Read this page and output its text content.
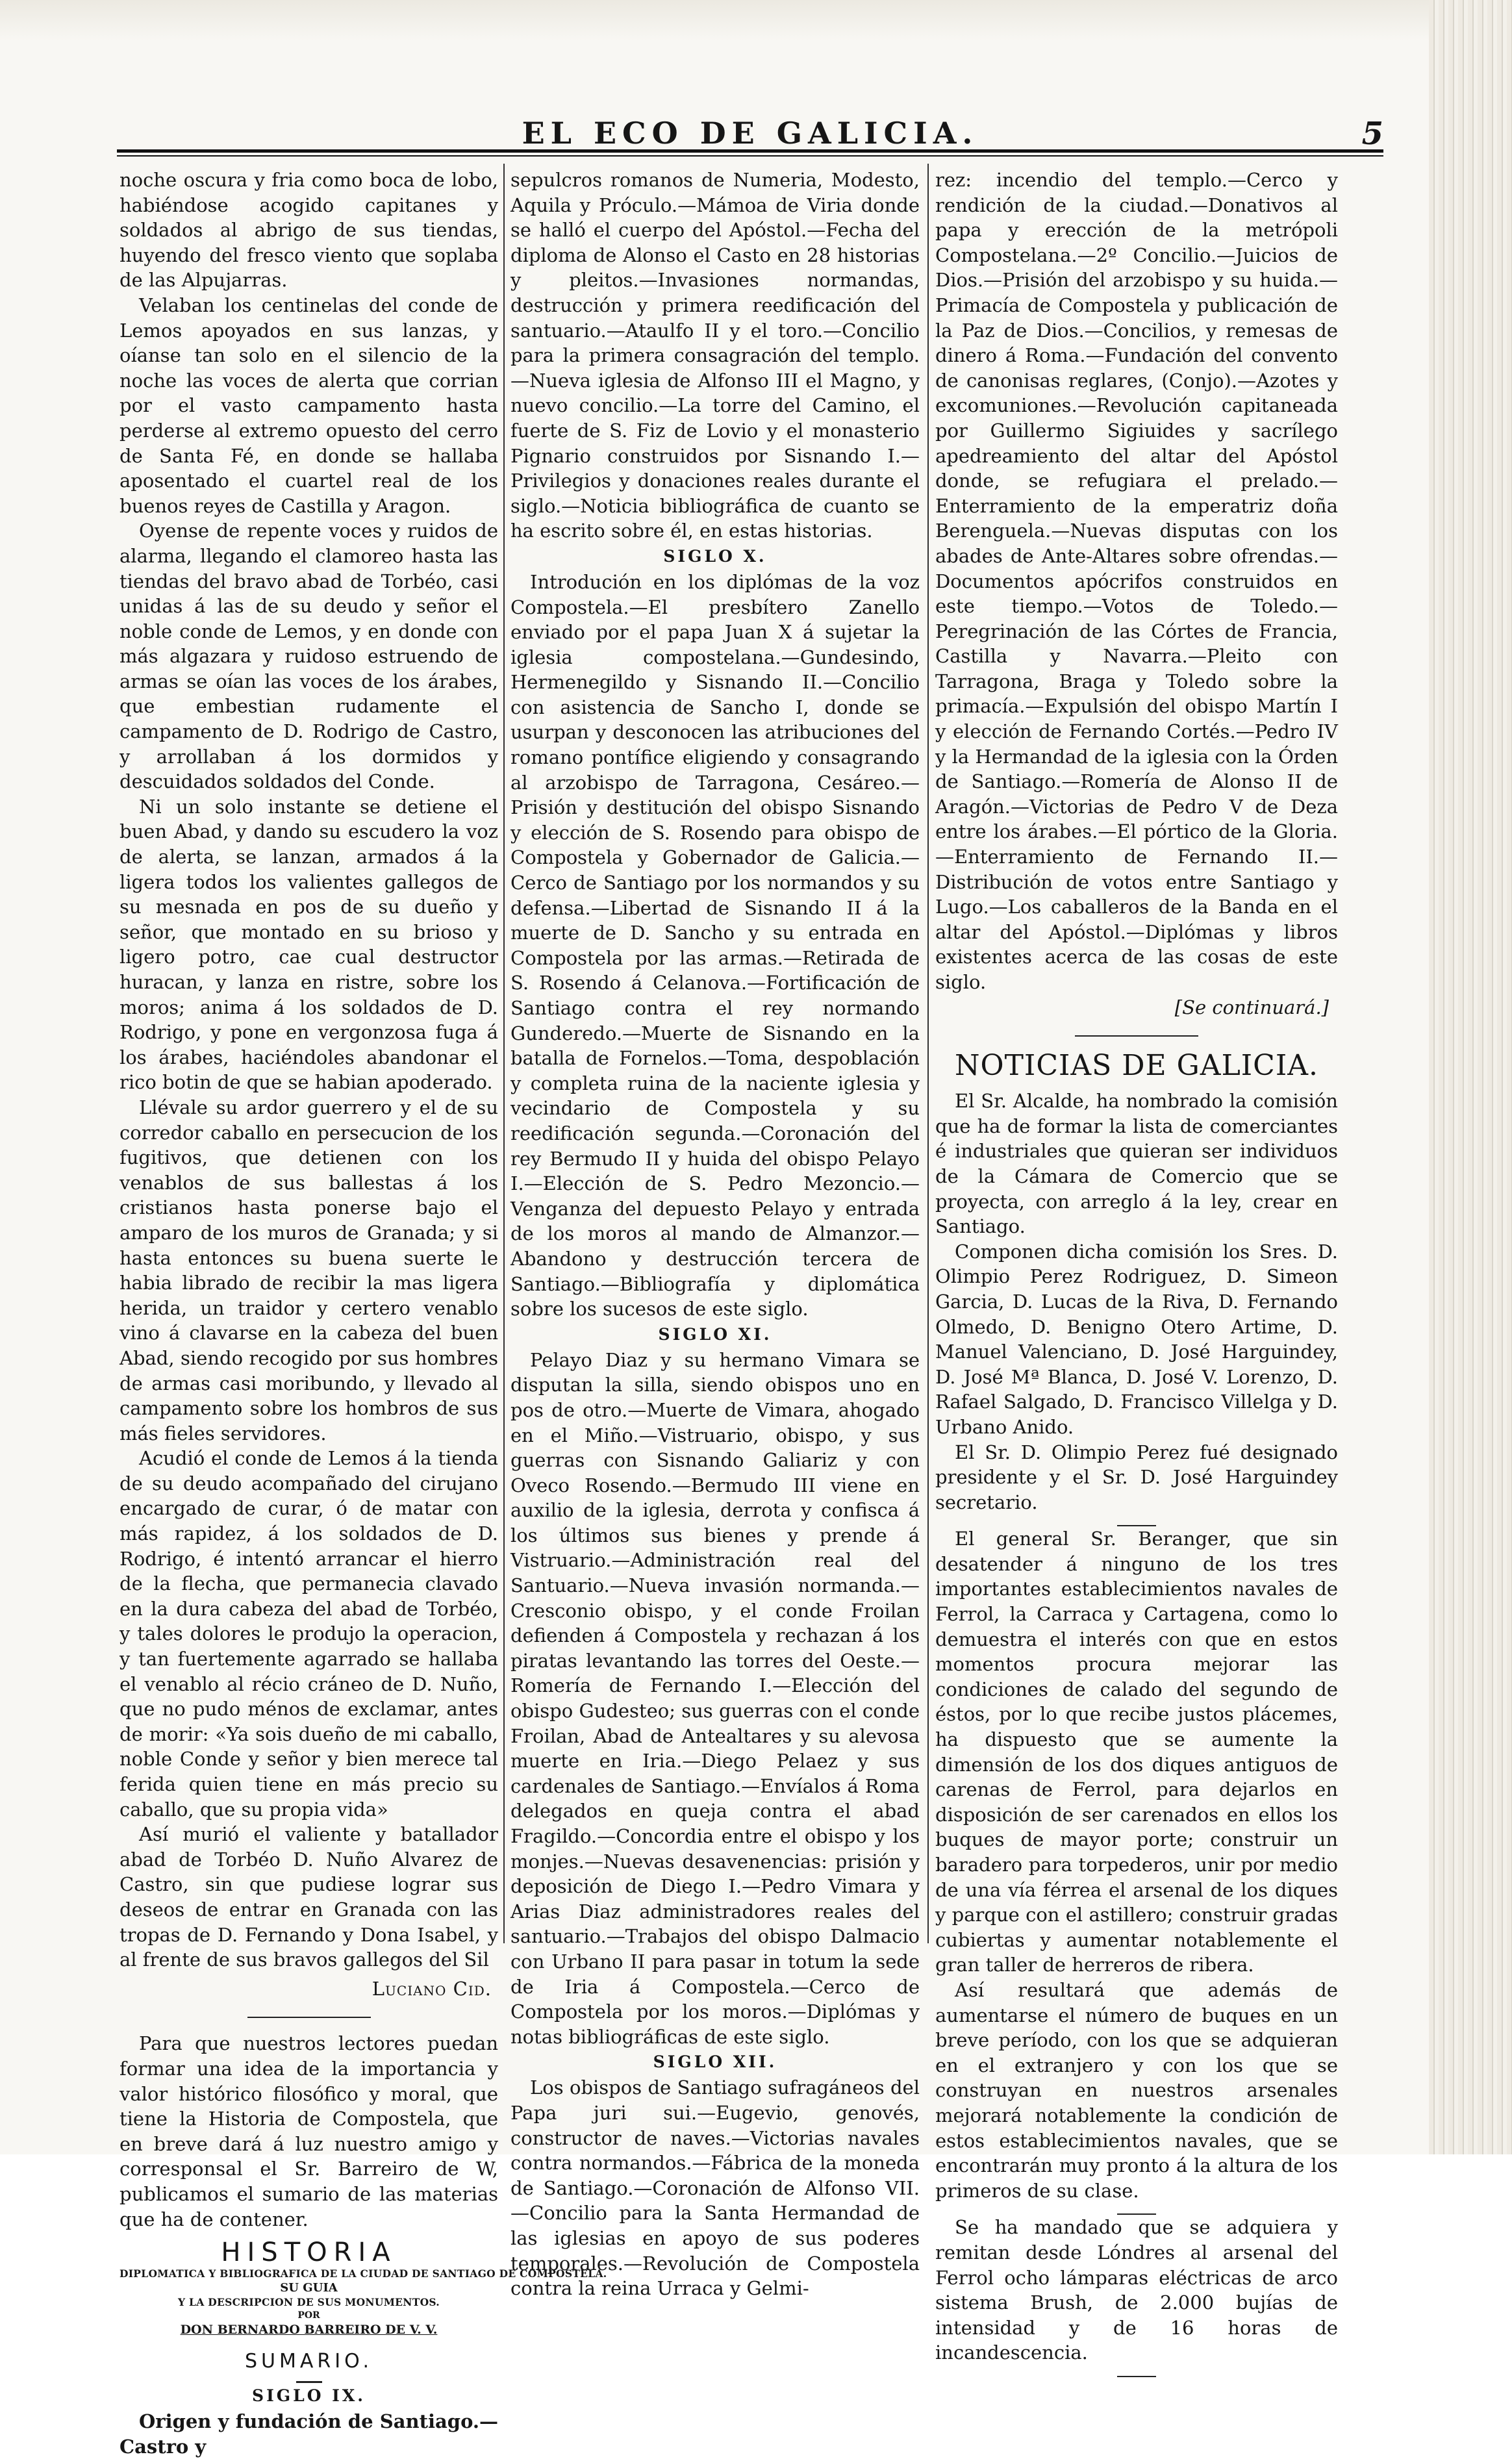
EL ECO DE GALICIA.	5

noche oscura y fria como boca de lobo, habiéndose acogido capitanes y soldados al abrigo de sus tiendas, huyendo del fresco viento que soplaba de las Alpujarras.

Velaban los centinelas del conde de Lemos apoyados en sus lanzas, y oíanse tan solo en el silencio de la noche las voces de alerta que corrian por el vasto campamento hasta perderse al extremo opuesto del cerro de Santa Fé, en donde se hallaba aposentado el cuartel real de los buenos reyes de Castilla y Aragon.

Oyense de repente voces y ruidos de alarma, llegando el clamoreo hasta las tiendas del bravo abad de Torbéo, casi unidas á las de su deudo y señor el noble conde de Lemos, y en donde con más algazara y ruidoso estruendo de armas se oían las voces de los árabes, que embestian rudamente el campamento de D. Rodrigo de Castro, y arrollaban á los dormidos y descuidados soldados del Conde.

Ni un solo instante se detiene el buen Abad, y dando su escudero la voz de alerta, se lanzan, armados á la ligera todos los valientes gallegos de su mesnada en pos de su dueño y señor, que montado en su brioso y ligero potro, cae cual destructor huracan, y lanza en ristre, sobre los moros; anima á los soldados de D. Rodrigo, y pone en vergonzosa fuga á los árabes, haciéndoles abandonar el rico botin de que se habian apoderado.

Llévale su ardor guerrero y el de su corredor caballo en persecucion de los fugitivos, que detienen con los venablos de sus ballestas á los cristianos hasta ponerse bajo el amparo de los muros de Granada; y si hasta entonces su buena suerte le habia librado de recibir la mas ligera herida, un traidor y certero venablo vino á clavarse en la cabeza del buen Abad, siendo recogido por sus hombres de armas casi moribundo, y llevado al campamento sobre los hombros de sus más fieles servidores.

Acudió el conde de Lemos á la tienda de su deudo acompañado del cirujano encargado de curar, ó de matar con más rapidez, á los soldados de D. Rodrigo, é intentó arrancar el hierro de la flecha, que permanecia clavado en la dura cabeza del abad de Torbéo, y tales dolores le produjo la operacion, y tan fuertemente agarrado se hallaba el venablo al récio cráneo de D. Nuño, que no pudo ménos de exclamar, antes de morir: «Ya sois dueño de mi caballo, noble Conde y señor y bien merece tal ferida quien tiene en más precio su caballo, que su propia vida»

Así murió el valiente y batallador abad de Torbéo D. Nuño Alvarez de Castro, sin que pudiese lograr sus deseos de entrar en Granada con las tropas de D. Fernando y Dona Isabel, y al frente de sus bravos gallegos del Sil

Luciano Cid.

Para que nuestros lectores puedan formar una idea de la importancia y valor histórico filosófico y moral, que tiene la Historia de Compostela, que en breve dará á luz nuestro amigo y corresponsal el Sr. Barreiro de W, publicamos el sumario de las materias que ha de contener.

HISTORIA
DIPLOMATICA Y BIBLIOGRAFICA DE LA CIUDAD DE SANTIAGO DE COMPOSTELA.
SU GUIA
Y LA DESCRIPCION DE SUS MONUMENTOS.
POR
DON BERNARDO BARREIRO DE V. V.
SUMARIO.
SIGLO IX.

Origen y fundación de Santiago.—Castro y

sepulcros romanos de Numeria, Modesto, Aquila y Próculo.—Mámoa de Viria donde se halló el cuerpo del Apóstol.—Fecha del diploma de Alonso el Casto en 28 historias y pleitos.—Invasiones normandas, destrucción y primera reedificación del santuario.—Ataulfo II y el toro.—Concilio para la primera consagración del templo.—Nueva iglesia de Alfonso III el Magno, y nuevo concilio.—La torre del Camino, el fuerte de S. Fiz de Lovio y el monasterio Pignario construidos por Sisnando I.—Privilegios y donaciones reales durante el siglo.—Noticia bibliográfica de cuanto se ha escrito sobre él, en estas historias.

SIGLO X.

Introdución en los diplómas de la voz Compostela.—El presbítero Zanello enviado por el papa Juan X á sujetar la iglesia compostelana.—Gundesindo, Hermenegildo y Sisnando II.—Concilio con asistencia de Sancho I, donde se usurpan y desconocen las atribuciones del romano pontífice eligiendo y consagrando al arzobispo de Tarragona, Cesáreo.—Prisión y destitución del obispo Sisnando y elección de S. Rosendo para obispo de Compostela y Gobernador de Galicia.—Cerco de Santiago por los normandos y su defensa.—Libertad de Sisnando II á la muerte de D. Sancho y su entrada en Compostela por las armas.—Retirada de S. Rosendo á Celanova.—Fortificación de Santiago contra el rey normando Gunderedo.—Muerte de Sisnando en la batalla de Fornelos.—Toma, despoblación y completa ruina de la naciente iglesia y vecindario de Compostela y su reedificación segunda.—Coronación del rey Bermudo II y huida del obispo Pelayo I.—Elección de S. Pedro Mezoncio.—Venganza del depuesto Pelayo y entrada de los moros al mando de Almanzor.—Abandono y destrucción tercera de Santiago.—Bibliografía y diplomática sobre los sucesos de este siglo.

SIGLO XI.

Pelayo Diaz y su hermano Vimara se disputan la silla, siendo obispos uno en pos de otro.—Muerte de Vimara, ahogado en el Miño.—Vistruario, obispo, y sus guerras con Sisnando Galiariz y con Oveco Rosendo.—Bermudo III viene en auxilio de la iglesia, derrota y confisca á los últimos sus bienes y prende á Vistruario.—Administración real del Santuario.—Nueva invasión normanda.—Cresconio obispo, y el conde Froilan defienden á Compostela y rechazan á los piratas levantando las torres del Oeste.—Romería de Fernando I.—Elección del obispo Gudesteo; sus guerras con el conde Froilan, Abad de Antealtares y su alevosa muerte en Iria.—Diego Pelaez y sus cardenales de Santiago.—Envíalos á Roma delegados en queja contra el abad Fragildo.—Concordia entre el obispo y los monjes.—Nuevas desavenencias: prisión y deposición de Diego I.—Pedro Vimara y Arias Diaz administradores reales del santuario.—Trabajos del obispo Dalmacio con Urbano II para pasar in totum la sede de Iria á Compostela.—Cerco de Compostela por los moros.—Diplómas y notas bibliográficas de este siglo.

SIGLO XII.

Los obispos de Santiago sufragáneos del Papa juri sui.—Eugevio, genovés, constructor de naves.—Victorias navales contra normandos.—Fábrica de la moneda de Santiago.—Coronación de Alfonso VII.—Concilio para la Santa Hermandad de las iglesias en apoyo de sus poderes temporales.—Revolución de Compostela contra la reina Urraca y Gelmi-

rez: incendio del templo.—Cerco y rendición de la ciudad.—Donativos al papa y erección de la metrópoli Compostelana.—2º Concilio.—Juicios de Dios.—Prisión del arzobispo y su huida.—Primacía de Compostela y publicación de la Paz de Dios.—Concilios, y remesas de dinero á Roma.—Fundación del convento de canonisas reglares, (Conjo).—Azotes y excomuniones.—Revolución capitaneada por Guillermo Sigiuides y sacrílego apedreamiento del altar del Apóstol donde, se refugiara el prelado.—Enterramiento de la emperatriz doña Berenguela.—Nuevas disputas con los abades de Ante-Altares sobre ofrendas.—Documentos apócrifos construidos en este tiempo.—Votos de Toledo.—Peregrinación de las Córtes de Francia, Castilla y Navarra.—Pleito con Tarragona, Braga y Toledo sobre la primacía.—Expulsión del obispo Martín I y elección de Fernando Cortés.—Pedro IV y la Hermandad de la iglesia con la Órden de Santiago.—Romería de Alonso II de Aragón.—Victorias de Pedro V de Deza entre los árabes.—El pórtico de la Gloria.—Enterramiento de Fernando II.—Distribución de votos entre Santiago y Lugo.—Los caballeros de la Banda en el altar del Apóstol.—Diplómas y libros existentes acerca de las cosas de este siglo.

[Se continuará.]
NOTICIAS DE GALICIA.

El Sr. Alcalde, ha nombrado la comisión que ha de formar la lista de comerciantes é industriales que quieran ser individuos de la Cámara de Comercio que se proyecta, con arreglo á la ley, crear en Santiago.

Componen dicha comisión los Sres. D. Olimpio Perez Rodriguez, D. Simeon Garcia, D. Lucas de la Riva, D. Fernando Olmedo, D. Benigno Otero Artime, D. Manuel Valenciano, D. José Harguindey, D. José Mª Blanca, D. José V. Lorenzo, D. Rafael Salgado, D. Francisco Villelga y D. Urbano Anido.

El Sr. D. Olimpio Perez fué designado presidente y el Sr. D. José Harguindey secretario.

El general Sr. Beranger, que sin desatender á ninguno de los tres importantes establecimientos navales de Ferrol, la Carraca y Cartagena, como lo demuestra el interés con que en estos momentos procura mejorar las condiciones de calado del segundo de éstos, por lo que recibe justos plácemes, ha dispuesto que se aumente la dimensión de los dos diques antiguos de carenas de Ferrol, para dejarlos en disposición de ser carenados en ellos los buques de mayor porte; construir un baradero para torpederos, unir por medio de una vía férrea el arsenal de los diques y parque con el astillero; construir gradas cubiertas y aumentar notablemente el gran taller de herreros de ribera.

Así resultará que además de aumentarse el número de buques en un breve período, con los que se adquieran en el extranjero y con los que se construyan en nuestros arsenales mejorará notablemente la condición de estos establecimientos navales, que se encontrarán muy pronto á la altura de los primeros de su clase.

Se ha mandado que se adquiera y remitan desde Lóndres al arsenal del Ferrol ocho lámparas eléctricas de arco sistema Brush, de 2.000 bujías de intensidad y de 16 horas de incandescencia.
